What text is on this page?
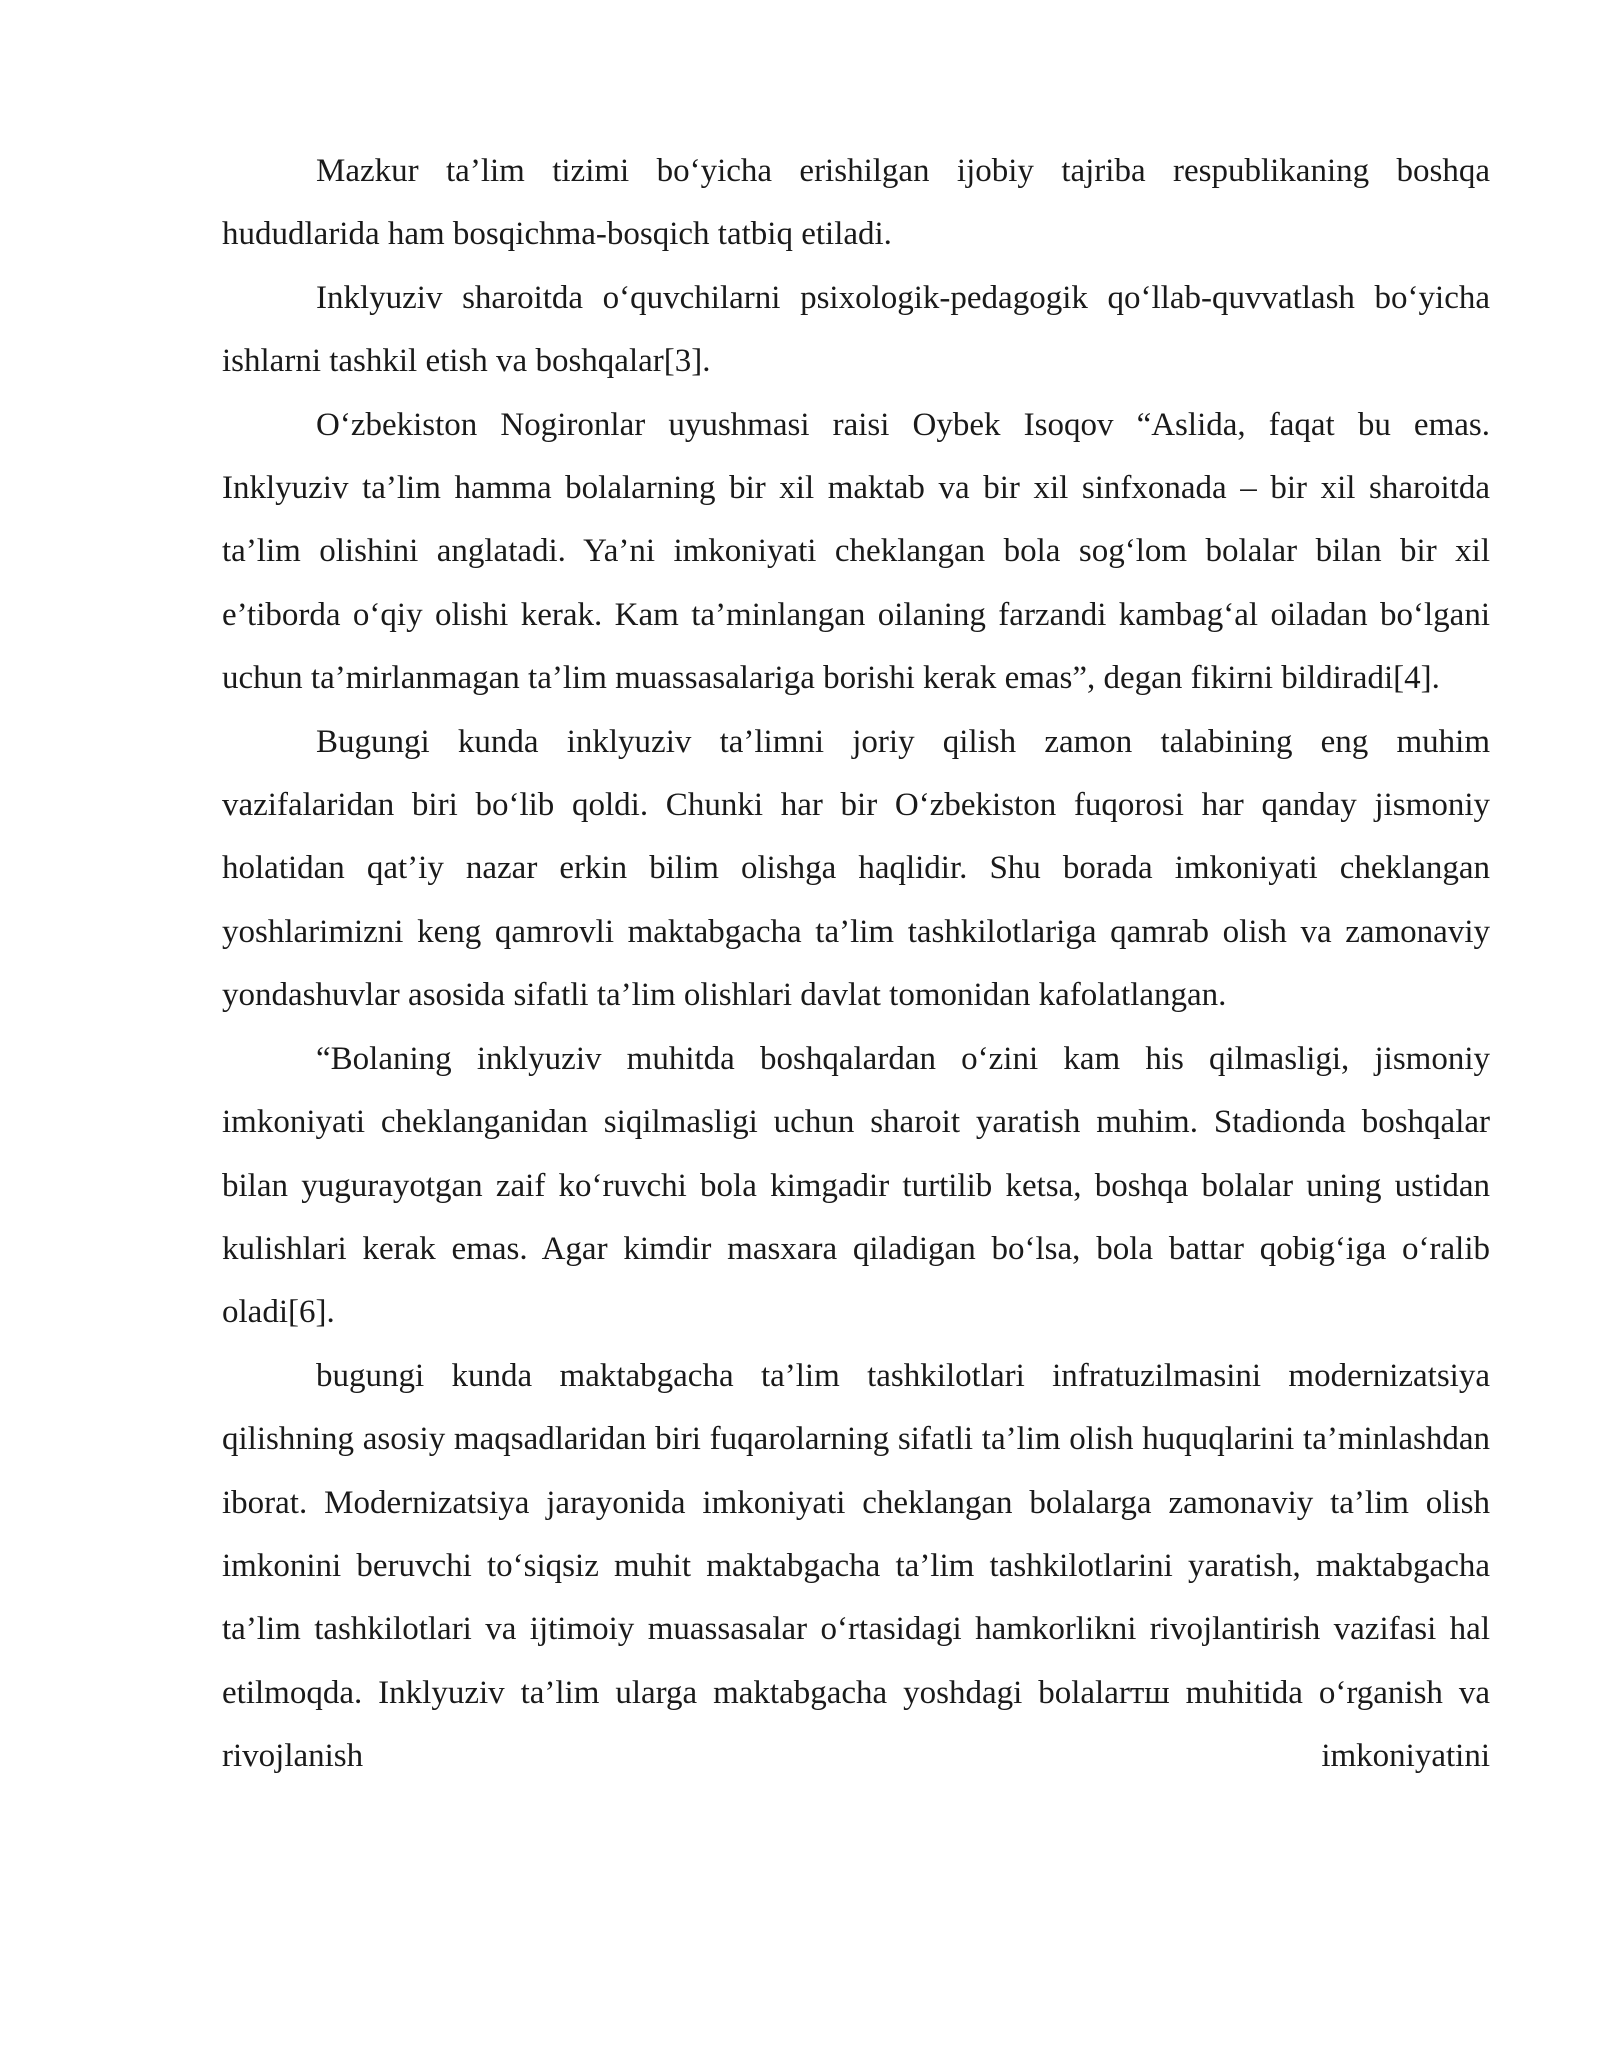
Mazkur ta’lim tizimi bo‘yicha erishilgan ijobiy tajriba respublikaning boshqa hududlarida ham bosqichma-bosqich tatbiq etiladi.

Inklyuziv sharoitda o‘quvchilarni psixologik-pedagogik qo‘llab-quvvatlash bo‘yicha ishlarni tashkil etish va boshqalar[3].

O‘zbekiston Nogironlar uyushmasi raisi Oybek Isoqov “Aslida, faqat bu emas. Inklyuziv ta’lim hamma bolalarning bir xil maktab va bir xil sinfxonada – bir xil sharoitda ta’lim olishini anglatadi. Ya’ni imkoniyati cheklangan bola sog‘lom bolalar bilan bir xil e’tiborda o‘qiy olishi kerak. Kam ta’minlangan oilaning farzandi kambag‘al oiladan bo‘lgani uchun ta’mirlanmagan ta’lim muassasalariga borishi kerak emas”, degan fikirni bildiradi[4].

Bugungi kunda inklyuziv ta’limni joriy qilish zamon talabining eng muhim vazifalaridan biri bo‘lib qoldi. Chunki har bir O‘zbekiston fuqorosi har qanday jismoniy holatidan qat’iy nazar erkin bilim olishga haqlidir. Shu borada imkoniyati cheklangan yoshlarimizni keng qamrovli maktabgacha ta’lim tashkilotlariga qamrab olish va zamonaviy yondashuvlar asosida sifatli ta’lim olishlari davlat tomonidan kafolatlangan.

“Bolaning inklyuziv muhitda boshqalardan o‘zini kam his qilmasligi, jismoniy imkoniyati cheklanganidan siqilmasligi uchun sharoit yaratish muhim. Stadionda boshqalar bilan yugurayotgan zaif ko‘ruvchi bola kimgadir turtilib ketsa, boshqa bolalar uning ustidan kulishlari kerak emas. Agar kimdir masxara qiladigan bo‘lsa, bola battar qobig‘iga o‘ralib oladi[6].

bugungi kunda maktabgacha ta’lim tashkilotlari infratuzilmasini modernizatsiya qilishning asosiy maqsadlaridan biri fuqarolarning sifatli ta’lim olish huquqlarini ta’minlashdan iborat. Modernizatsiya jarayonida imkoniyati cheklangan bolalarga zamonaviy ta’lim olish imkonini beruvchi to‘siqsiz muhit maktabgacha ta’lim tashkilotlarini yaratish, maktabgacha ta’lim tashkilotlari va ijtimoiy muassasalar o‘rtasidagi hamkorlikni rivojlantirish vazifasi hal etilmoqda. Inklyuziv ta’lim ularga maktabgacha yoshdagi bolalarтш muhitida o‘rganish va rivojlanish imkoniyatini
